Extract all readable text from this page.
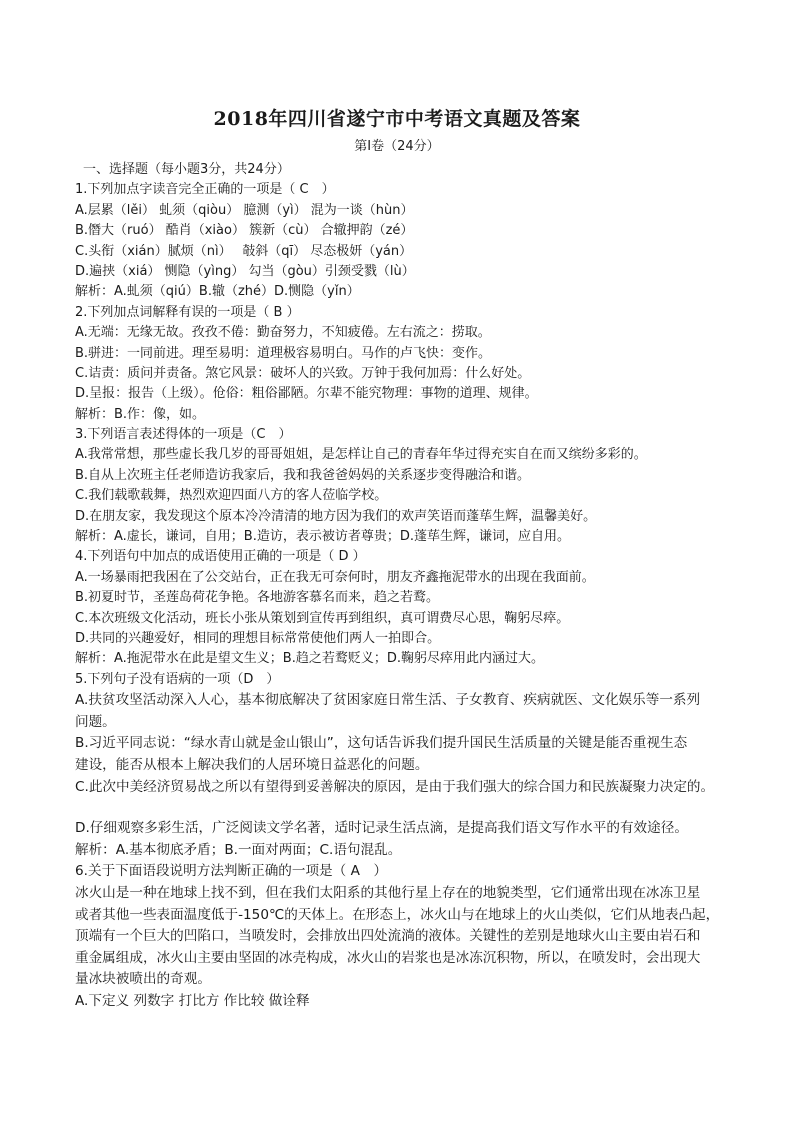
2018年四川省遂宁市中考语文真题及答案
第Ⅰ卷（24分）
一、选择题（每小题3分，共24分）
1.下列加点字读音完全正确的一项是（ C　）
A.层累（lěi） 虬须（qiòu） 臆测（yì） 混为一谈（hùn）
B.僭大（ruó） 酷肖（xiào） 簇新（cù） 合辙押韵（zé）
C.头衔（xián）腻烦（nì）　 攲斜（qī） 尽态极妍（yán）
D.遍挟（xiá） 恻隐（yìng） 勾当（gòu）引颈受戮（lù）
解析：A.虬须（qiú）B.辙（zhé）D.恻隐（yǐn）
2.下列加点词解释有误的一项是（ B ）
A.无端：无缘无故。孜孜不倦：勤奋努力，不知疲倦。左右流之：捞取。
B.骈进：一同前进。理至易明：道理极容易明白。马作的卢飞快：变作。
C.诘责：质问并责备。煞它风景：破坏人的兴致。万钟于我何加焉：什么好处。
D.呈报：报告（上级）。伧俗：粗俗鄙陋。尔辈不能究物理：事物的道理、规律。
解析：B.作：像，如。
3.下列语言表述得体的一项是（C　）
A.我常常想，那些虚长我几岁的哥哥姐姐，是怎样让自己的青春年华过得充实自在而又缤纷多彩的。
B.自从上次班主任老师造访我家后，我和我爸爸妈妈的关系逐步变得融洽和谐。
C.我们载歌载舞，热烈欢迎四面八方的客人莅临学校。
D.在朋友家，我发现这个原本冷冷清清的地方因为我们的欢声笑语而蓬荜生辉，温馨美好。
解析：A.虚长，谦词，自用；B.造访，表示被访者尊贵；D.蓬荜生辉，谦词，应自用。
4.下列语句中加点的成语使用正确的一项是（ D ）
A.一场暴雨把我困在了公交站台，正在我无可奈何时，朋友齐鑫拖泥带水的出现在我面前。
B.初夏时节，圣莲岛荷花争艳。各地游客慕名而来，趋之若鹜。
C.本次班级文化活动，班长小张从策划到宣传再到组织，真可谓费尽心思，鞠躬尽瘁。
D.共同的兴趣爱好，相同的理想目标常常使他们两人一拍即合。
解析：A.拖泥带水在此是望文生义；B.趋之若鹜贬义；D.鞠躬尽瘁用此内涵过大。
5.下列句子没有语病的一项（D　）
A.扶贫攻坚活动深入人心，基本彻底解决了贫困家庭日常生活、子女教育、疾病就医、文化娱乐等一系列
问题。
B.习近平同志说：“绿水青山就是金山银山”，这句话告诉我们提升国民生活质量的关键是能否重视生态
建设，能否从根本上解决我们的人居环境日益恶化的问题。
C.此次中美经济贸易战之所以有望得到妥善解决的原因，是由于我们强大的综合国力和民族凝聚力决定的。
D.仔细观察多彩生活，广泛阅读文学名著，适时记录生活点滴，是提高我们语文写作水平的有效途径。
解析：A.基本彻底矛盾；B.一面对两面；C.语句混乱。
6.关于下面语段说明方法判断正确的一项是（ A　）
冰火山是一种在地球上找不到，但在我们太阳系的其他行星上存在的地貌类型，它们通常出现在冰冻卫星
或者其他一些表面温度低于-150℃的天体上。在形态上，冰火山与在地球上的火山类似，它们从地表凸起，
顶端有一个巨大的凹陷口，当喷发时，会排放出四处流淌的液体。关键性的差别是地球火山主要由岩石和
重金属组成，冰火山主要由坚固的冰壳构成，冰火山的岩浆也是冰冻沉积物，所以，在喷发时，会出现大
量冰块被喷出的奇观。
A.下定义 列数字 打比方 作比较 做诠释
